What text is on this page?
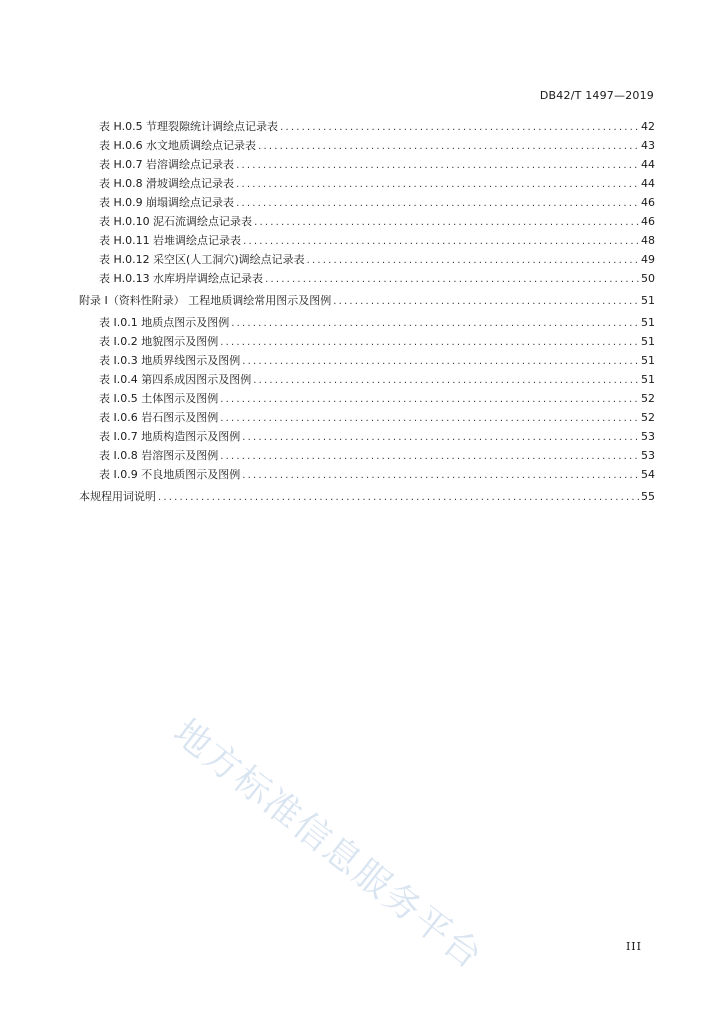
DB42/T 1497—2019
表 H.0.5 节理裂隙统计调绘点记录表 .....	42
表 H.0.6 水文地质调绘点记录表 .....	43
表 H.0.7 岩溶调绘点记录表 .....	44
表 H.0.8 滑坡调绘点记录表 .....	44
表 H.0.9 崩塌调绘点记录表 .....	46
表 H.0.10 泥石流调绘点记录表 .....	46
表 H.0.11 岩堆调绘点记录表 .....	48
表 H.0.12 采空区(人工洞穴)调绘点记录表 .....	49
表 H.0.13 水库坍岸调绘点记录表 .....	50
附录 I（资料性附录） 工程地质调绘常用图示及图例 .....	51
表 I.0.1 地质点图示及图例 .....	51
表 I.0.2 地貌图示及图例 .....	51
表 I.0.3 地质界线图示及图例 .....	51
表 I.0.4 第四系成因图示及图例 .....	51
表 I.0.5 土体图示及图例 .....	52
表 I.0.6 岩石图示及图例 .....	52
表 I.0.7 地质构造图示及图例 .....	53
表 I.0.8 岩溶图示及图例 .....	53
表 I.0.9 不良地质图示及图例 .....	54
本规程用词说明 .....	55
地方标准信息服务平台	III
